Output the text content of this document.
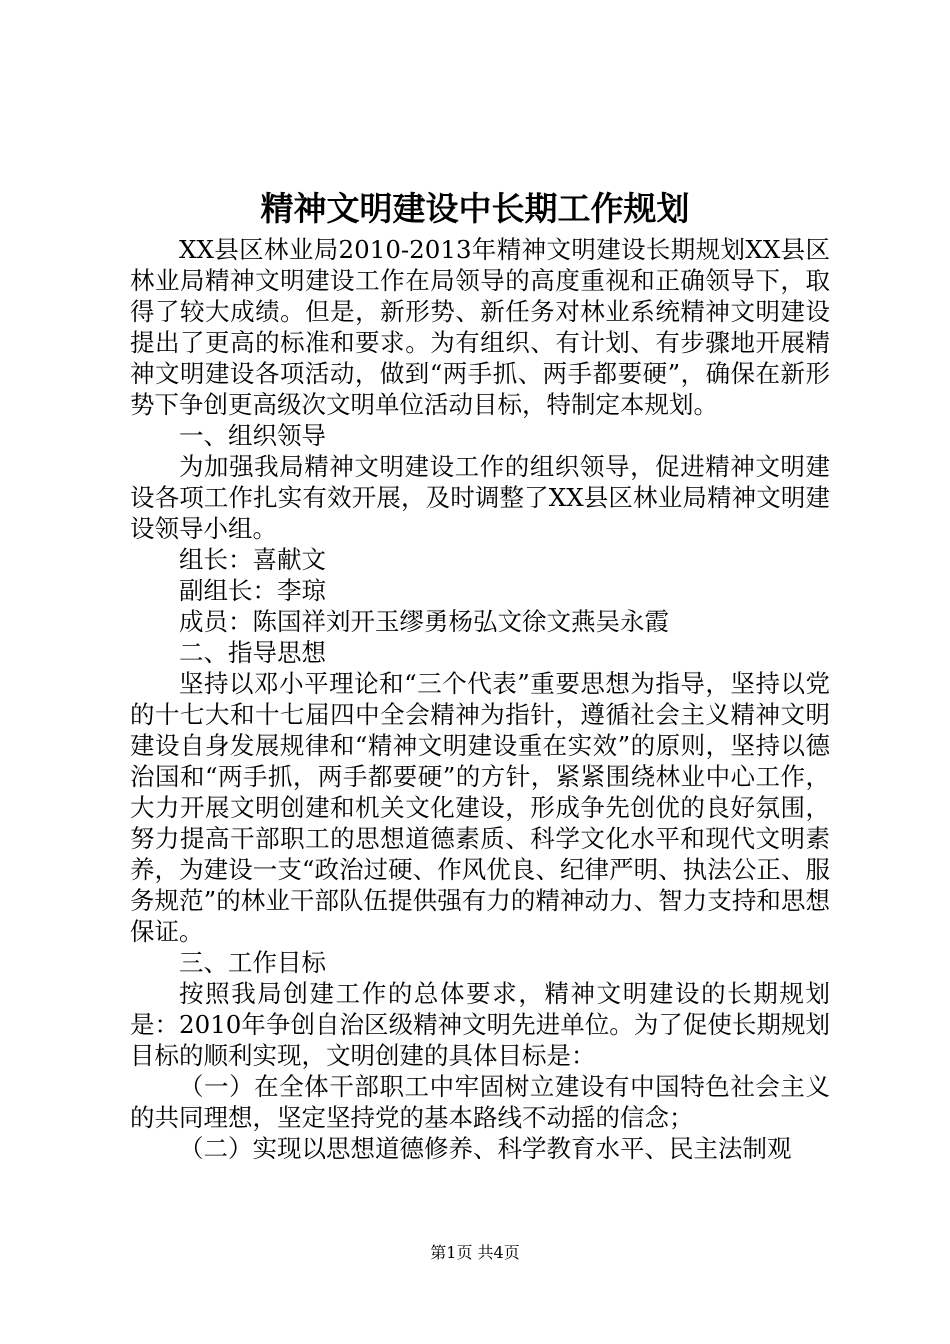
精神文明建设中长期工作规划

XX县区林业局2010-2013年精神文明建设长期规划XX县区林业局精神文明建设工作在局领导的高度重视和正确领导下，取得了较大成绩。但是，新形势、新任务对林业系统精神文明建设提出了更高的标准和要求。为有组织、有计划、有步骤地开展精神文明建设各项活动，做到“两手抓、两手都要硬”，确保在新形势下争创更高级次文明单位活动目标，特制定本规划。

一、组织领导

为加强我局精神文明建设工作的组织领导，促进精神文明建设各项工作扎实有效开展，及时调整了XX县区林业局精神文明建设领导小组。

组长：喜献文

副组长：李琼

成员：陈国祥刘开玉缪勇杨弘文徐文燕吴永霞

二、指导思想

坚持以邓小平理论和“三个代表”重要思想为指导，坚持以党的十七大和十七届四中全会精神为指针，遵循社会主义精神文明建设自身发展规律和“精神文明建设重在实效”的原则，坚持以德治国和“两手抓，两手都要硬”的方针，紧紧围绕林业中心工作，大力开展文明创建和机关文化建设，形成争先创优的良好氛围，努力提高干部职工的思想道德素质、科学文化水平和现代文明素养，为建设一支“政治过硬、作风优良、纪律严明、执法公正、服务规范”的林业干部队伍提供强有力的精神动力、智力支持和思想保证。

三、工作目标

按照我局创建工作的总体要求，精神文明建设的长期规划是：2010年争创自治区级精神文明先进单位。为了促使长期规划目标的顺利实现，文明创建的具体目标是：

（一）在全体干部职工中牢固树立建设有中国特色社会主义的共同理想，坚定坚持党的基本路线不动摇的信念；

（二）实现以思想道德修养、科学教育水平、民主法制观

第1页 共4页
